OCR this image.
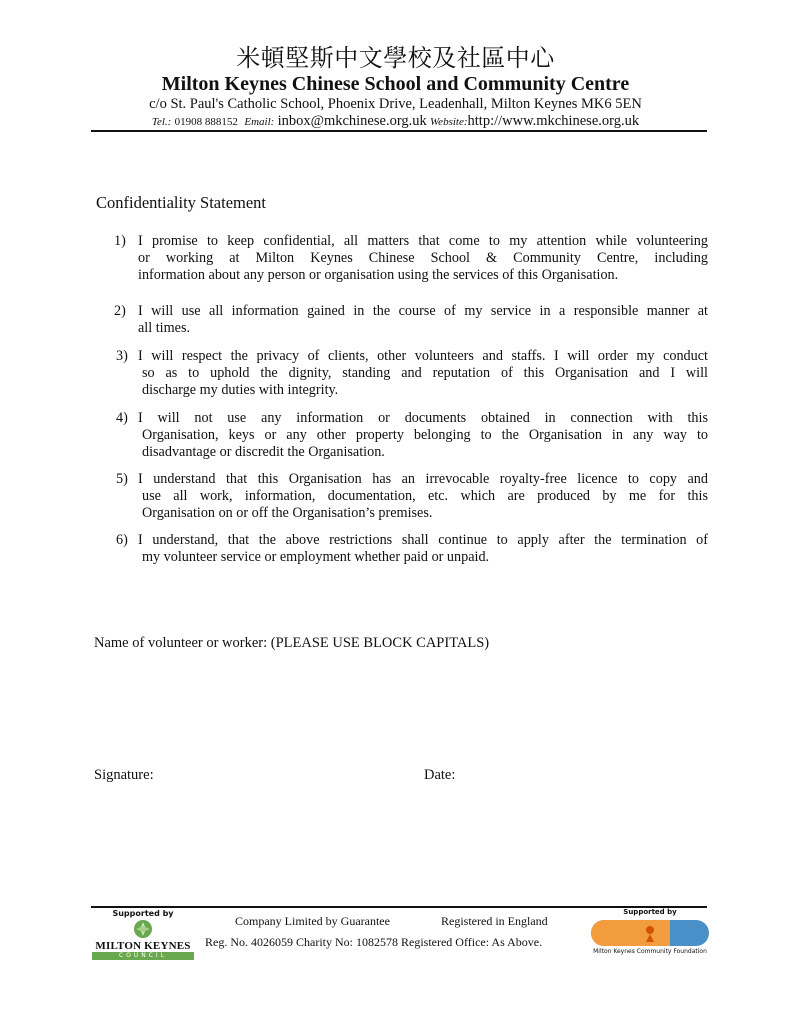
米頓堅斯中文學校及社區中心
Milton Keynes Chinese School and Community Centre
c/o St. Paul's Catholic School, Phoenix Drive, Leadenhall, Milton Keynes MK6 5EN
Tel.: 01908 888152 Email: inbox@mkchinese.org.uk Website:http://www.mkchinese.org.uk
Confidentiality Statement
1) I promise to keep confidential, all matters that come to my attention while volunteering
or working at Milton Keynes Chinese School & Community Centre, including
information about any person or organisation using the services of this Organisation.
2) I will use all information gained in the course of my service in a responsible manner at
all times.
3) I will respect the privacy of clients, other volunteers and staffs. I will order my conduct
so as to uphold the dignity, standing and reputation of this Organisation and I will
discharge my duties with integrity.
4) I will not use any information or documents obtained in connection with this
Organisation, keys or any other property belonging to the Organisation in any way to
disadvantage or discredit the Organisation.
5) I understand that this Organisation has an irrevocable royalty-free licence to copy and
use all work, information, documentation, etc. which are produced by me for this
Organisation on or off the Organisation’s premises.
6) I understand, that the above restrictions shall continue to apply after the termination of
my volunteer service or employment whether paid or unpaid.
Name of volunteer or worker: (PLEASE USE BLOCK CAPITALS)
Signature:	Date:
Supported by
MILTON KEYNES
COUNCIL
Company Limited by Guarantee	Registered in England
Reg. No. 4026059 Charity No: 1082578 Registered Office: As Above.
Supported by
Milton Keynes Community Foundation
